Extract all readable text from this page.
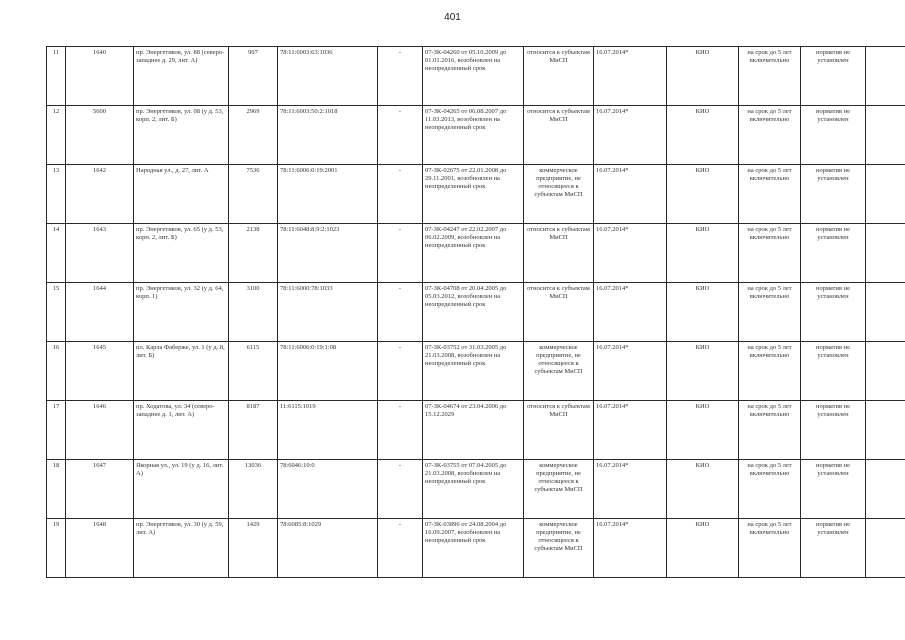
401
11	1640	пр. Энергетиков, ул. 88 (северо-западнее д. 29, лит. А)	907	78:11:6003:63:1036	-	07-ЗК-04260 от 05.10.2009 до 01.01.2016, возобновлен на неопределенный срок	относится к субъектам МиСП	16.07.2014*	КИО	на срок до 5 лет включительно	норматив не установлен	
12	5600	пр. Энергетиков, ул. 08 (у д. 53, корп. 2, лит. Б)	2969	78:11:6003:50:2:1018	-	07-ЗК-04265 от 06.08.2007 до 11.03.2013, возобновлен на неопределенный срок	относится к субъектам МиСП	16.07.2014*	КИО	на срок до 5 лет включительно	норматив не установлен	
13	1642	Народная ул., д. 27, лит. А	7536	78:11:6006:0:19:2001	-	07-ЗК-02675 от 22.01.2008 до 29.11.2001, возобновлен на неопределенный срок	коммерческое предприятие, не относящееся к субъектам МиСП	16.07.2014*	КИО	на срок до 5 лет включительно	норматив не установлен	
14	1643	пр. Энергетиков, ул. 65 (у д. 53, корп. 2, лит. Б)	2138	78:11:6048:8:9:2:1023	-	07-ЗК-04247 от 22.02.2007 до 06.02.2009, возобновлен на неопределенный срок	относится к субъектам МиСП	16.07.2014*	КИО	на срок до 5 лет включительно	норматив не установлен	
15	1644	пр. Энергетиков, ул. 32 (у д. 64, корп. 1)	3100	78:11:6000:78:1033	-	07-ЗК-04708 от 20.04.2005 до 05.03.2012, возобновлен на неопределенный срок	относится к субъектам МиСП	16.07.2014*	КИО	на срок до 5 лет включительно	норматив не установлен	
16	1645	пл. Карла Фаберже, ул. 1 (у д. 8, лит. Б)	6115	78:11:6006:0:19:1:08	-	07-ЗК-03752 от 31.03.2005 до 21.03.2008, возобновлен на неопределенный срок	коммерческое предприятие, не относящееся к субъектам МиСП	16.07.2014*	КИО	на срок до 5 лет включительно	норматив не установлен	
17	1646	пр. Ходатова, ул. 34 (северо-западнее д. 1, лит. А)	8187	11:6115:1019	-	07-ЗК-04674 от 23.04.2006 до 15.12.2029	относится к субъектам МиСП	16.07.2014*	КИО	на срок до 5 лет включительно	норматив не установлен	
18	1647	Якорная ул., ул. 19 (у д. 16, лит. А)	13036	78:6046:10:0	-	07-ЗК-03755 от 07.04.2005 до 21.03.2008, возобновлен на неопределенный срок	коммерческое предприятие, не относящееся к субъектам МиСП	16.07.2014*	КИО	на срок до 5 лет включительно	норматив не установлен	
19	1648	пр. Энергетиков, ул. 30 (у д. 59, лит. А)	1429	78:6085:8:1029	-	07-ЗК-03896 от 24.08.2004 до 16.09.2007, возобновлен на неопределенный срок	коммерческое предприятие, не относящееся к субъектам МиСП	16.07.2014*	КИО	на срок до 5 лет включительно	норматив не установлен	
